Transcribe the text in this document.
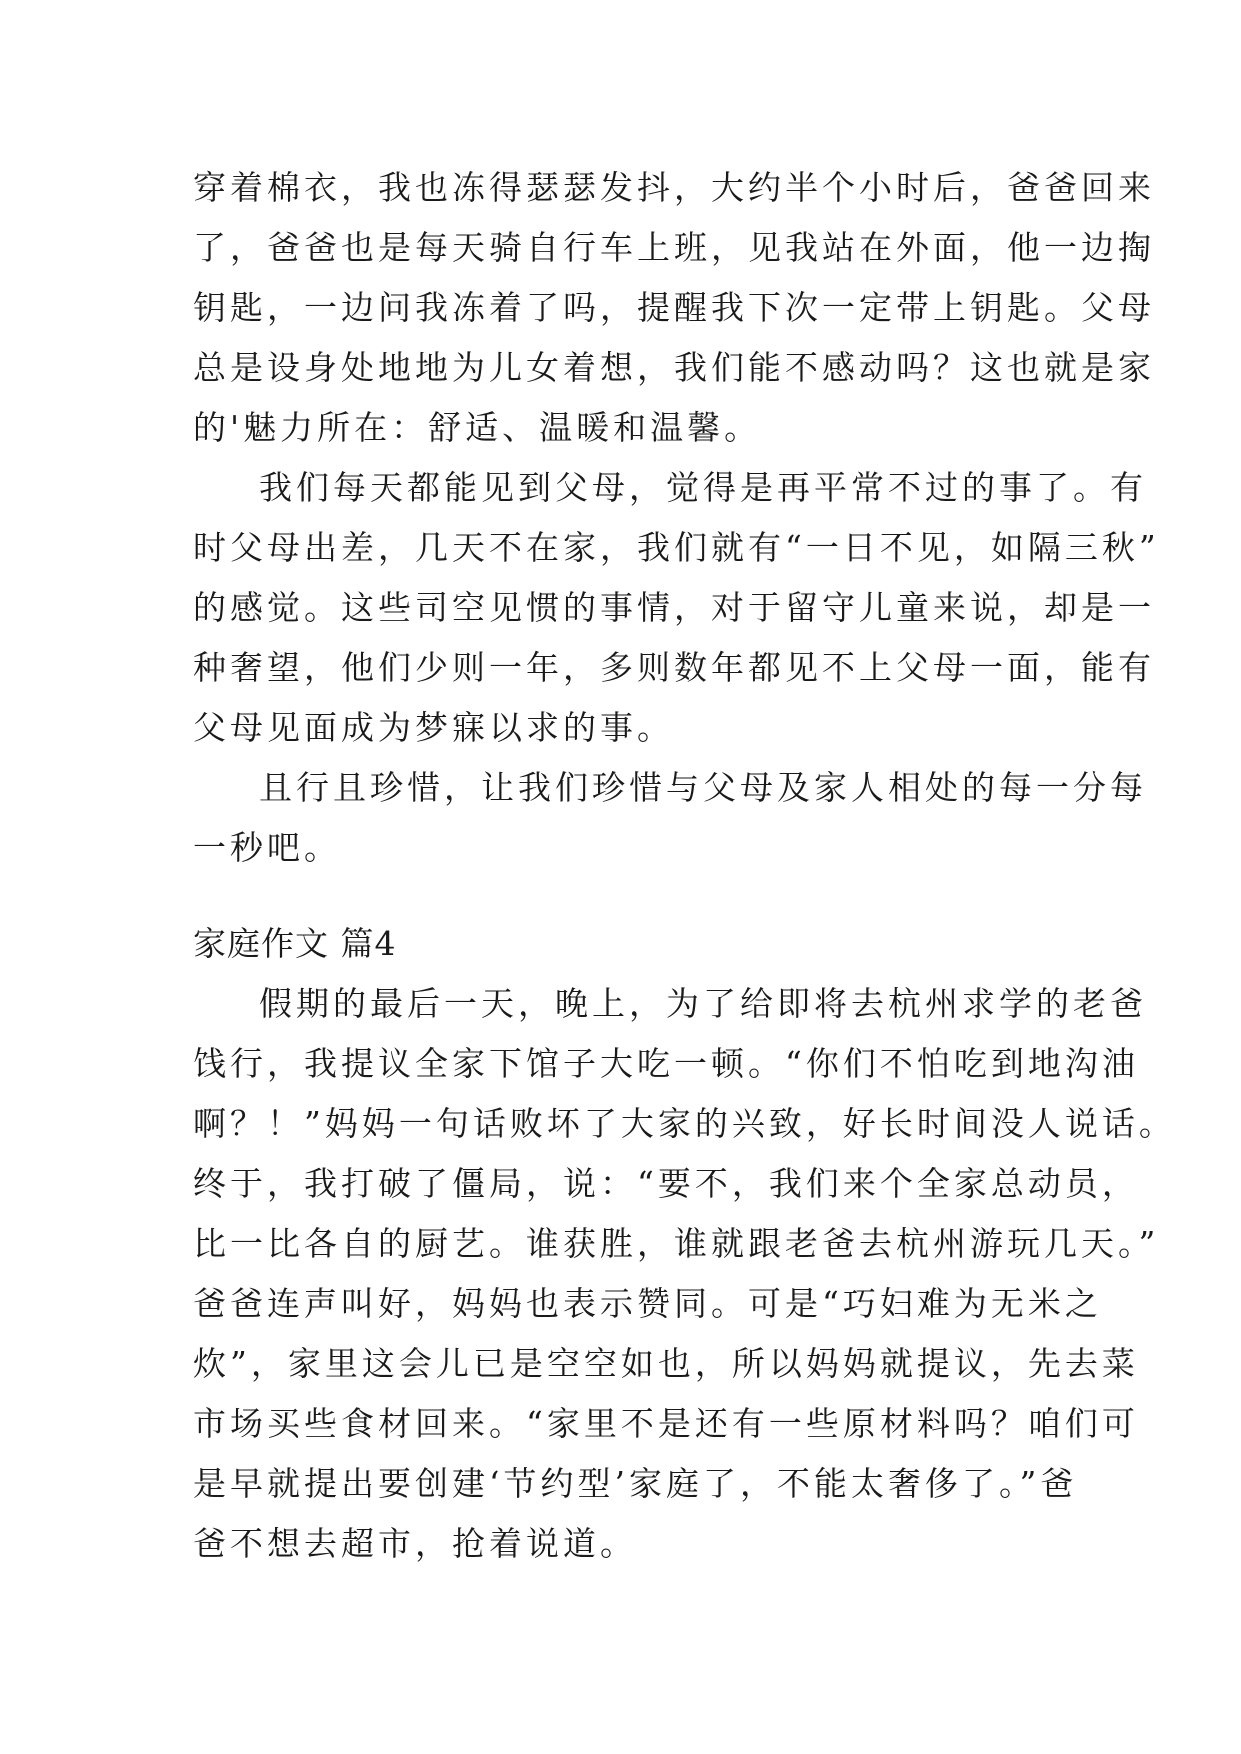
穿着棉衣，我也冻得瑟瑟发抖，大约半个小时后，爸爸回来
了，爸爸也是每天骑自行车上班，见我站在外面，他一边掏
钥匙，一边问我冻着了吗，提醒我下次一定带上钥匙。父母
总是设身处地地为儿女着想，我们能不感动吗？这也就是家
的'魅力所在：舒适、温暖和温馨。
我们每天都能见到父母，觉得是再平常不过的事了。有
时父母出差，几天不在家，我们就有“一日不见，如隔三秋”
的感觉。这些司空见惯的事情，对于留守儿童来说，却是一
种奢望，他们少则一年，多则数年都见不上父母一面，能有
父母见面成为梦寐以求的事。
且行且珍惜，让我们珍惜与父母及家人相处的每一分每
一秒吧。
家庭作文 篇4
假期的最后一天，晚上，为了给即将去杭州求学的老爸
饯行，我提议全家下馆子大吃一顿。“你们不怕吃到地沟油
啊？！”妈妈一句话败坏了大家的兴致，好长时间没人说话。
终于，我打破了僵局，说：“要不，我们来个全家总动员，
比一比各自的厨艺。谁获胜，谁就跟老爸去杭州游玩几天。”
爸爸连声叫好，妈妈也表示赞同。可是“巧妇难为无米之
炊”，家里这会儿已是空空如也，所以妈妈就提议，先去菜
市场买些食材回来。“家里不是还有一些原材料吗？咱们可
是早就提出要创建‘节约型’家庭了，不能太奢侈了。”爸
爸不想去超市，抢着说道。
